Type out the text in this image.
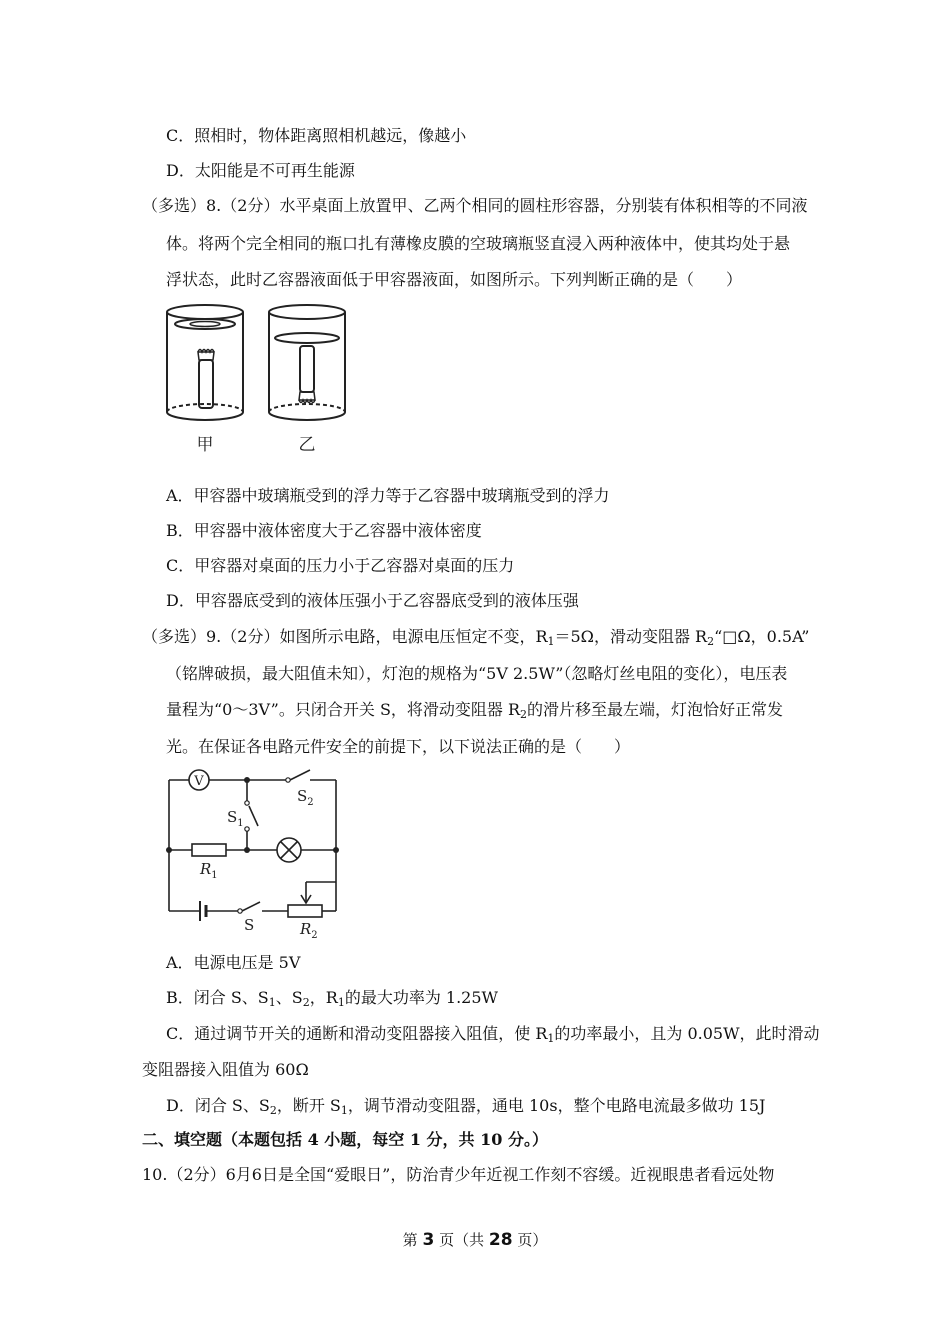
C．照相时，物体距离照相机越远，像越小
D．太阳能是不可再生能源
（多选）8.（2分）水平桌面上放置甲、乙两个相同的圆柱形容器，分别装有体积相等的不同液
体。将两个完全相同的瓶口扎有薄橡皮膜的空玻璃瓶竖直浸入两种液体中，使其均处于悬
浮状态，此时乙容器液面低于甲容器液面，如图所示。下列判断正确的是（　　）
甲	乙
A．甲容器中玻璃瓶受到的浮力等于乙容器中玻璃瓶受到的浮力
B．甲容器中液体密度大于乙容器中液体密度
C．甲容器对桌面的压力小于乙容器对桌面的压力
D．甲容器底受到的液体压强小于乙容器底受到的液体压强
（多选）9.（2分）如图所示电路，电源电压恒定不变，$R_1=5\Omega$，滑动变阻器 $R_2“□\Omega$，0.5A”
（铭牌破损，最大阻值未知），灯泡的规格为“5V 2.5W”（忽略灯丝电阻的变化），电压表
量程为“0～3V”。只闭合开关 S，将滑动变阻器 $R_2$的滑片移至最左端，灯泡恰好正常发
光。在保证各电路元件安全的前提下，以下说法正确的是（　　）
V
$S_2$
$S_1$
$R_1$
S	$R_2$
A．电源电压是 5V
B．闭合 S、$S_1$、$S_2$，$R_1$的最大功率为 1.25W
C．通过调节开关的通断和滑动变阻器接入阻值，使 $R_1$的功率最小，且为 0.05W，此时滑动
变阻器接入阻值为 60Ω
D．闭合 S、$S_2$，断开 $S_1$，调节滑动变阻器，通电 10s，整个电路电流最多做功 15J
二、填空题（本题包括 4 小题，每空 1 分，共 10 分。）
10.（2分）6月6日是全国“爱眼日”，防治青少年近视工作刻不容缓。近视眼患者看远处物
第 3 页（共 28 页）
